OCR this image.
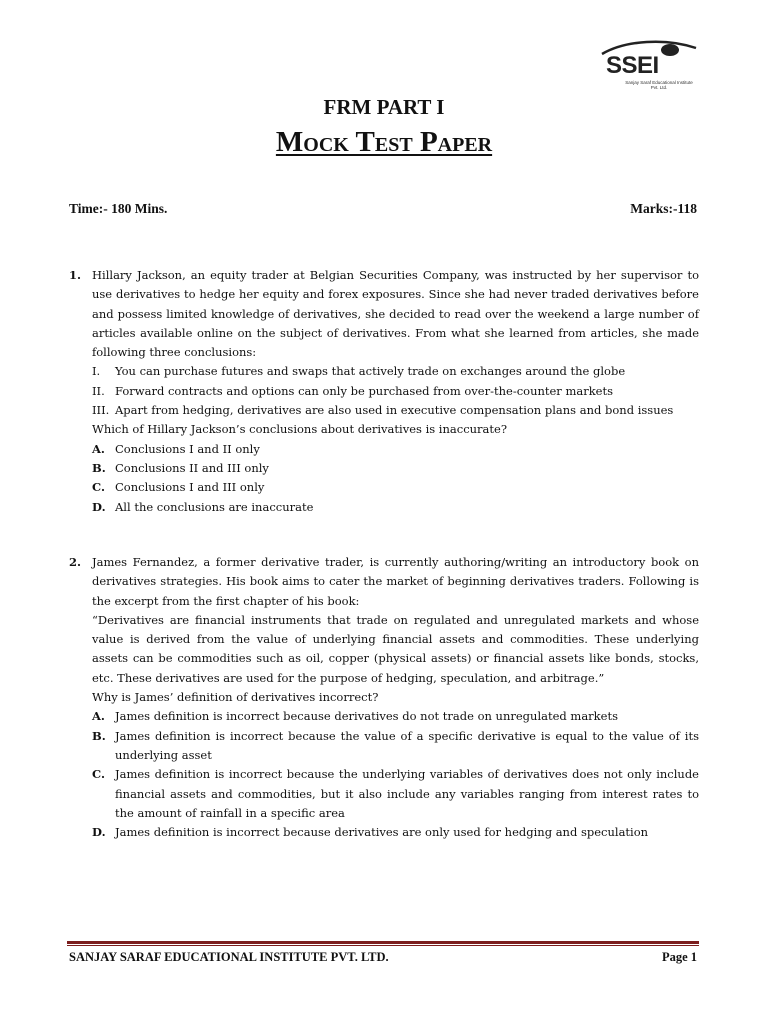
SSEI
Sanjay Saraf Educational Institute Pvt. Ltd.
FRM PART I
Mock Test Paper
Time:- 180 Mins.	Marks:-118
1. Hillary Jackson, an equity trader at Belgian Securities Company, was instructed by her supervisor to use derivatives to hedge her equity and forex exposures. Since she had never traded derivatives before and possess limited knowledge of derivatives, she decided to read over the weekend a large number of articles available online on the subject of derivatives. From what she learned from articles, she made following three conclusions:
I.	You can purchase futures and swaps that actively trade on exchanges around the globe
II. Forward contracts and options can only be purchased from over-the-counter markets
III. Apart from hedging, derivatives are also used in executive compensation plans and bond issues
Which of Hillary Jackson’s conclusions about derivatives is inaccurate?
A. Conclusions I and II only
B. Conclusions II and III only
C. Conclusions I and III only
D. All the conclusions are inaccurate
2. James Fernandez, a former derivative trader, is currently authoring/writing an introductory book on derivatives strategies. His book aims to cater the market of beginning derivatives traders. Following is the excerpt from the first chapter of his book:
“Derivatives are financial instruments that trade on regulated and unregulated markets and whose value is derived from the value of underlying financial assets and commodities. These underlying assets can be commodities such as oil, copper (physical assets) or financial assets like bonds, stocks, etc. These derivatives are used for the purpose of hedging, speculation, and arbitrage.”
Why is James’ definition of derivatives incorrect?
A. James definition is incorrect because derivatives do not trade on unregulated markets
B. James definition is incorrect because the value of a specific derivative is equal to the value of its underlying asset
C. James definition is incorrect because the underlying variables of derivatives does not only include financial assets and commodities, but it also include any variables ranging from interest rates to the amount of rainfall in a specific area
D. James definition is incorrect because derivatives are only used for hedging and speculation
SANJAY SARAF EDUCATIONAL INSTITUTE PVT. LTD.	Page 1
